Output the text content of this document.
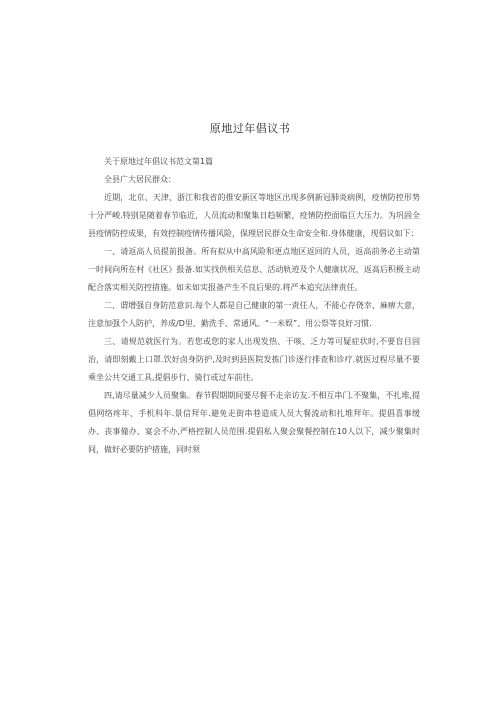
原地过年倡议书

关于原地过年倡议书范文第1篇

全县广大居民群众：

近期，北京、天津、浙江和我省的推安新区等地区出现多例新冠肺炎病例，疫情防控形势十分严峻.特别是随着春节临近，人员流动和聚集日趋频繁，疫情防控面临巨大压力。为巩固全县疫情防控成果，有效控制疫情传播风险，保理居民群众生命安全和.身体健康，现倡议如下：

一、请返高人员提前报备。所有拟从中高风险和更点地区返回的人员，返高前务必主动第一时间向所在村《社区》报备.如实找供相关信息、活动轨迹及个人健康状况，返高后积极主动配合落实相关防控措施。如未如实报备产生不良后果的.将严本追究法律责任。

二、谓增强自身防范意识.每个人都是自己健康的第一责任人，不能心存侥幸、麻痹大意，注意加强个人防护，养成/D里、勤洗手、常通风。“一米娱”、用公祭等良好习惯.

三、请规范就医行为。若您或您的家人出现发热、干咳、乏力等可疑症状时,不要盲目固治，请即刻戴上口罩.饮好卤身防护,及时到县医院发拣门诊逐行排查和诊疗.就医过程尽量不要乘坐公共交通工具,提倡步行、骑行或过车前往。

四,请尽量减少人员聚集。春节假期期间要尽餐不走亲访友.不相互串门.不聚集，不扎堆,提倡网络疼年、手机科年.景信拜年.避免走街串巷造成人员大餐流动和扎堆拜年。提倡喜事缓办、丧事僮办、宴会不办,严格控制人员范围.提倡私人聚会聚餐控制在10人以下，减少聚集时间，做好必要防护措施，同时须
